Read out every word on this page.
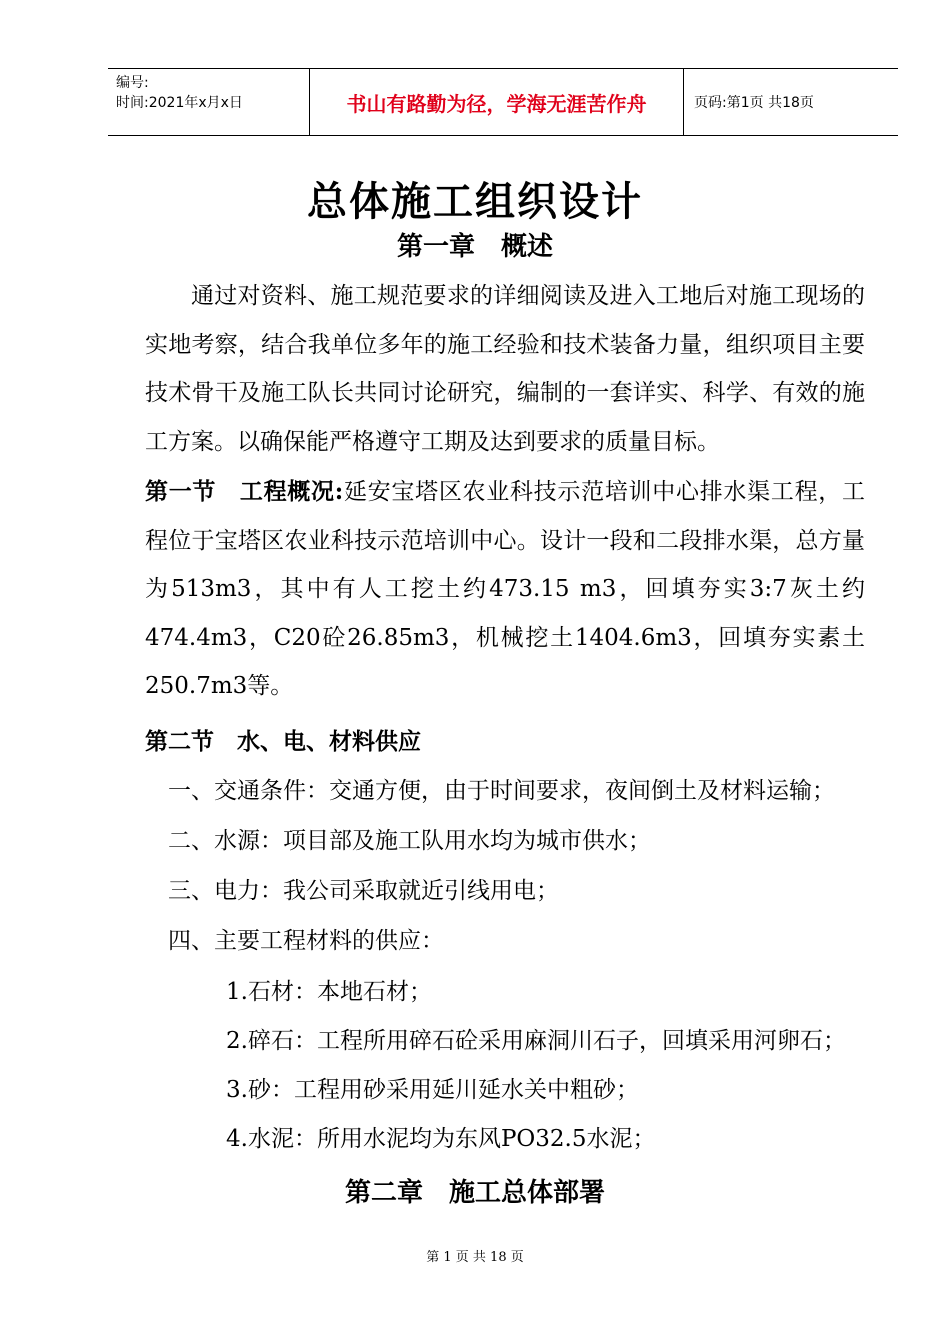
编号:
时间:2021年x月x日	书山有路勤为径，学海无涯苦作舟	页码:第1页 共18页
总体施工组织设计
第一章　概述
通过对资料、施工规范要求的详细阅读及进入工地后对施工现场的实地考察，结合我单位多年的施工经验和技术装备力量，组织项目主要技术骨干及施工队长共同讨论研究，编制的一套详实、科学、有效的施工方案。以确保能严格遵守工期及达到要求的质量目标。
第一节　工程概况:延安宝塔区农业科技示范培训中心排水渠工程，工程位于宝塔区农业科技示范培训中心。设计一段和二段排水渠，总方量为513m3，其中有人工挖土约473.15 m3，回填夯实3:7灰土约474.4m3，C20砼26.85m3，机械挖土1404.6m3，回填夯实素土250.7m3等。
第二节　水、电、材料供应
一、交通条件：交通方便，由于时间要求，夜间倒土及材料运输；
二、水源：项目部及施工队用水均为城市供水；
三、电力：我公司采取就近引线用电；
四、主要工程材料的供应：
1.石材：本地石材；
2.碎石：工程所用碎石砼采用麻洞川石子，回填采用河卵石；
3.砂：工程用砂采用延川延水关中粗砂；
4.水泥：所用水泥均为东风PO32.5水泥；
第二章　施工总体部署
第 1 页 共 18 页
